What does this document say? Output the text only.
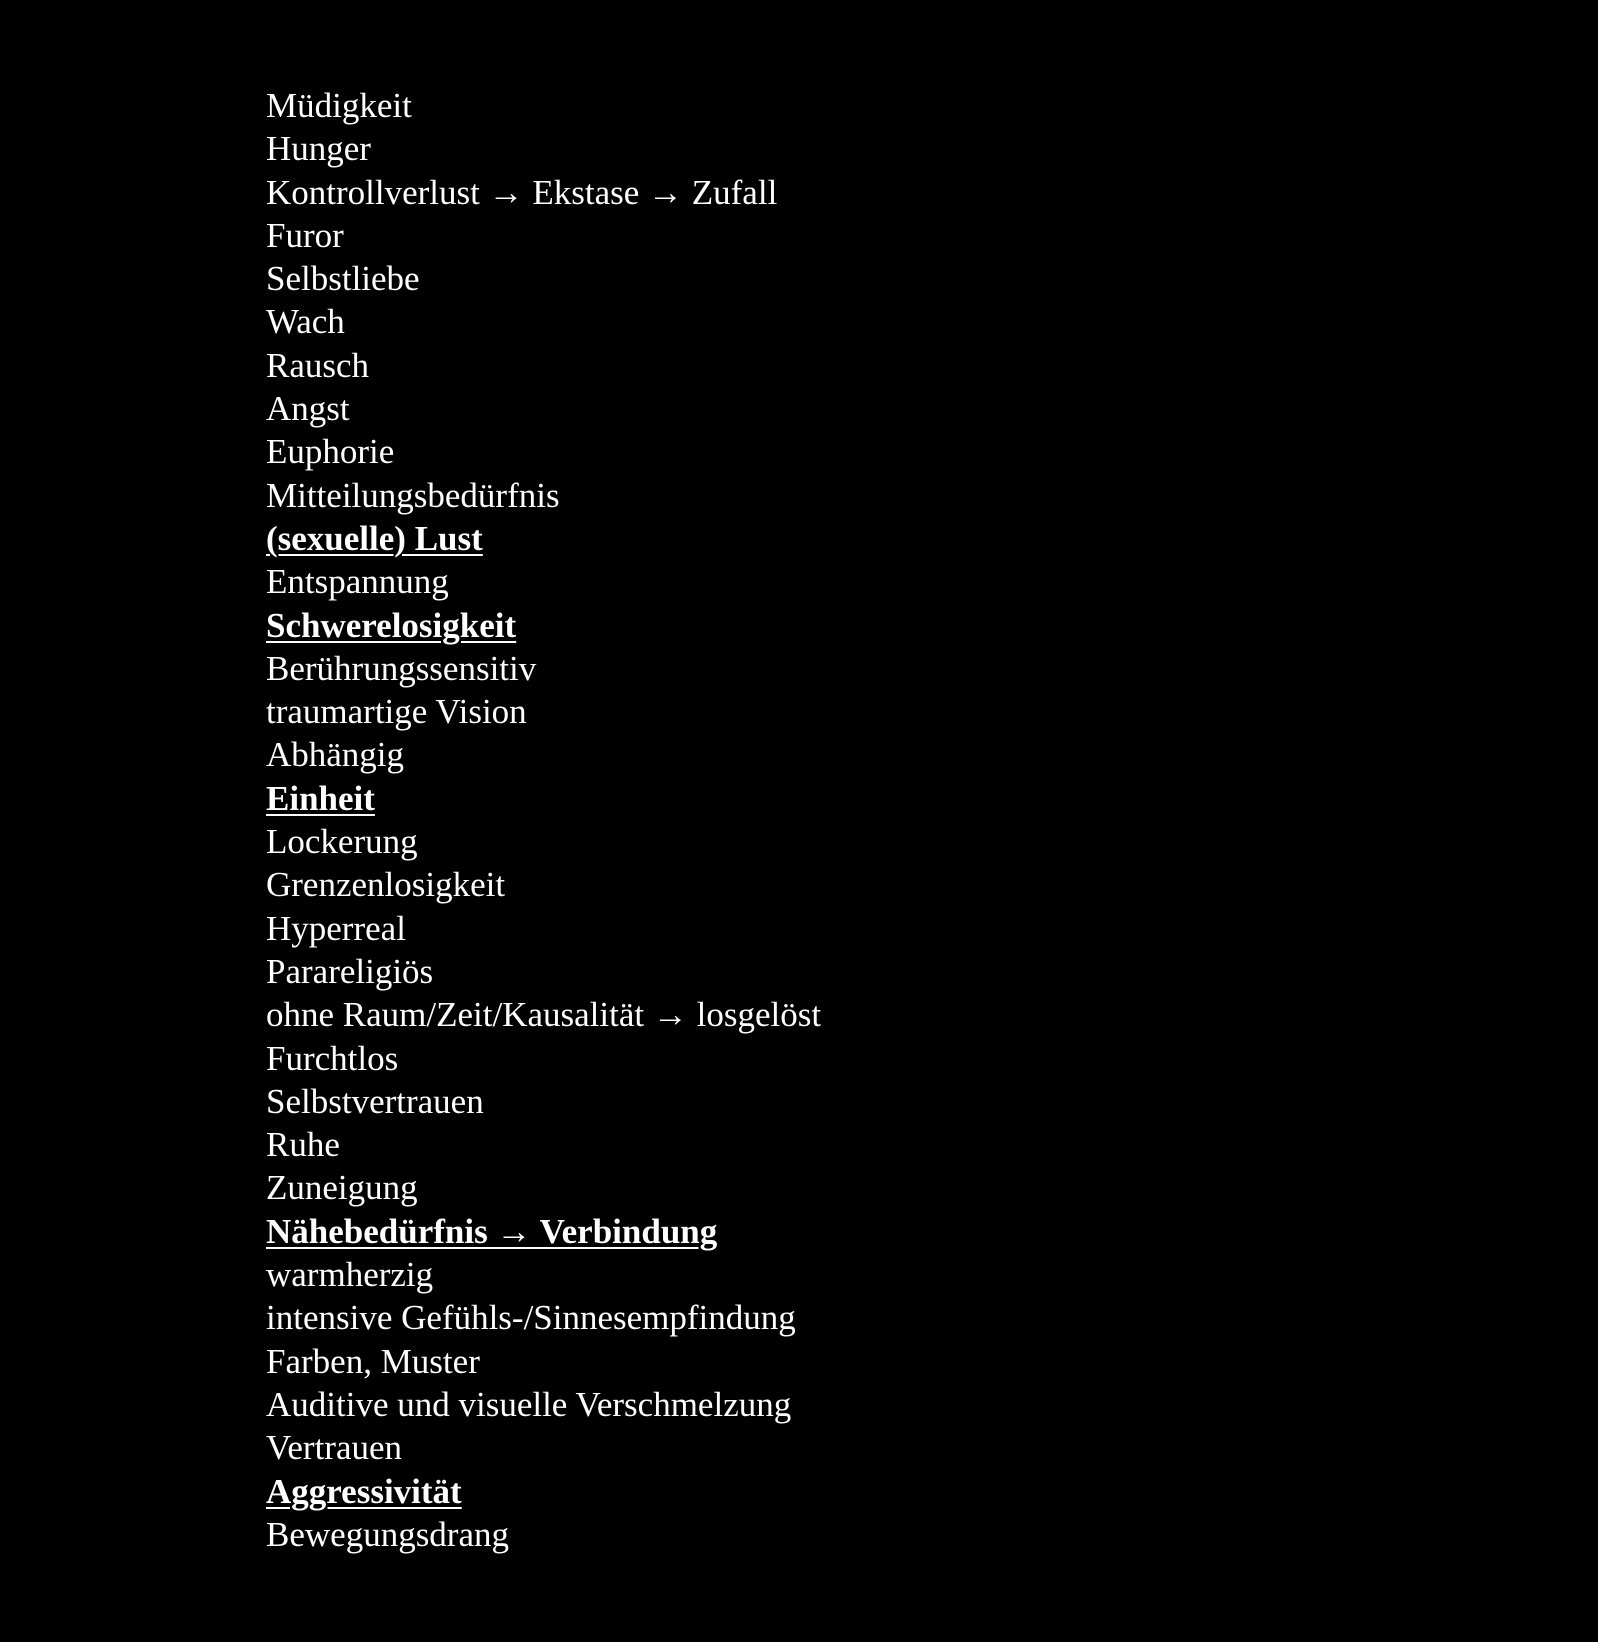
Müdigkeit
Hunger
Kontrollverlust → Ekstase → Zufall
Furor
Selbstliebe
Wach
Rausch
Angst
Euphorie
Mitteilungsbedürfnis
(sexuelle) Lust
Entspannung
Schwerelosigkeit
Berührungssensitiv
traumartige Vision
Abhängig
Einheit
Lockerung
Grenzenlosigkeit
Hyperreal
Parareligiös
ohne Raum/Zeit/Kausalität → losgelöst
Furchtlos
Selbstvertrauen
Ruhe
Zuneigung
Nähebedürfnis → Verbindung
warmherzig
intensive Gefühls-/Sinnesempfindung
Farben, Muster
Auditive und visuelle Verschmelzung
Vertrauen
Aggressivität
Bewegungsdrang
